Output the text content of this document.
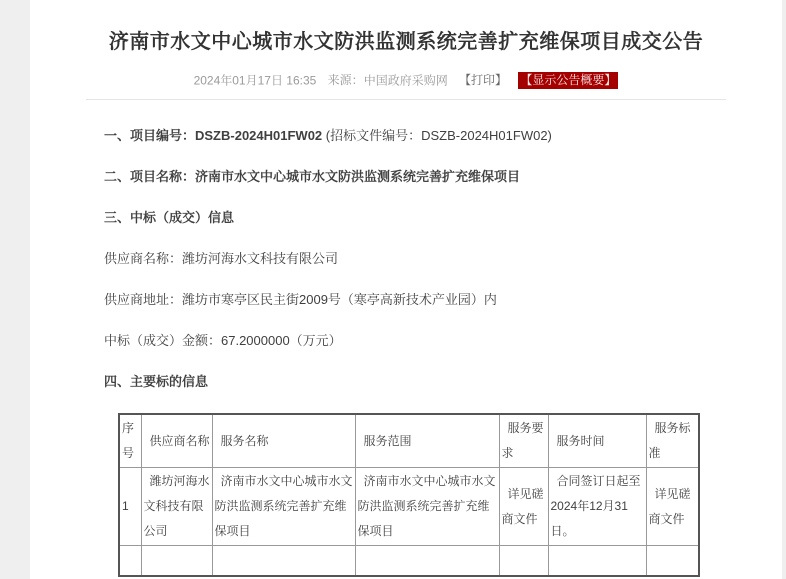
济南市水文中心城市水文防洪监测系统完善扩充维保项目成交公告
2024年01月17日 16:35 来源：中国政府采购网 【打印】 【显示公告概要】

一、项目编号：DSZB-2024H01FW02 (招标文件编号：DSZB-2024H01FW02)

二、项目名称：济南市水文中心城市水文防洪监测系统完善扩充维保项目

三、中标（成交）信息

供应商名称：潍坊河海水文科技有限公司

供应商地址：潍坊市寒亭区民主街2009号（寒亭高新技术产业园）内

中标（成交）金额：67.2000000（万元）

四、主要标的信息

序号	供应商名称	服务名称	服务范围	服务要求	服务时间	服务标准
1	潍坊河海水文科技有限公司	济南市水文中心城市水文防洪监测系统完善扩充维保项目	济南市水文中心城市水文防洪监测系统完善扩充维保项目	详见磋商文件	合同签订日起至2024年12月31日。	详见磋商文件
